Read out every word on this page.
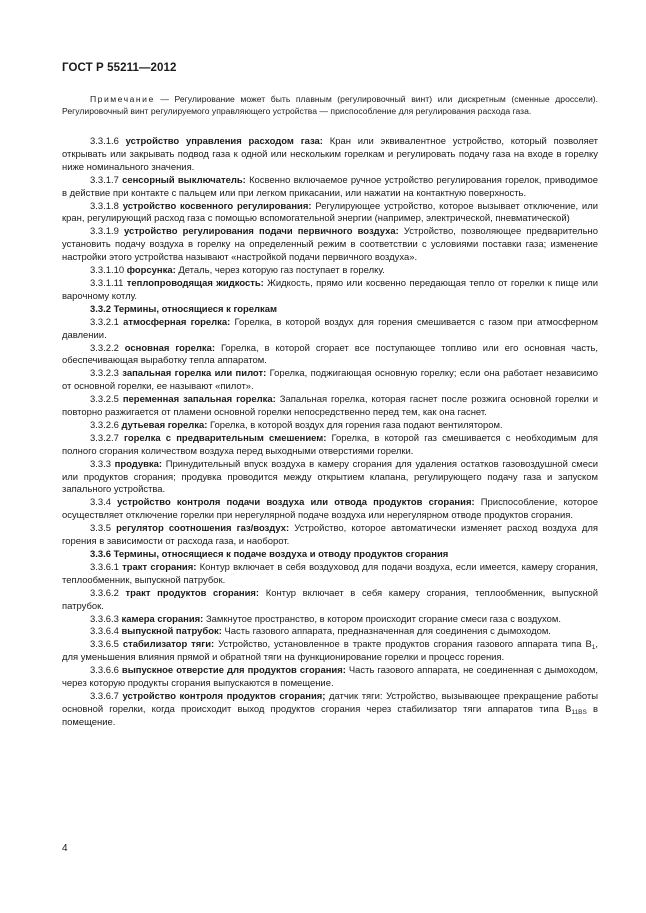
ГОСТ Р 55211—2012
Примечание — Регулирование может быть плавным (регулировочный винт) или дискретным (сменные дроссели). Регулировочный винт регулируемого управляющего устройства — приспособление для регулирования расхода газа.

3.3.1.6 устройство управления расходом газа: Кран или эквивалентное устройство, который позволяет открывать или закрывать подвод газа к одной или нескольким горелкам и регулировать подачу газа на входе в горелку ниже номинального значения.

3.3.1.7 сенсорный выключатель: Косвенно включаемое ручное устройство регулирования горелок, приводимое в действие при контакте с пальцем или при легком прикасании, или нажатии на контактную поверхность.

3.3.1.8 устройство косвенного регулирования: Регулирующее устройство, которое вызывает отключение, или кран, регулирующий расход газа с помощью вспомогательной энергии (например, электрической, пневматической)

3.3.1.9 устройство регулирования подачи первичного воздуха: Устройство, позволяющее предварительно установить подачу воздуха в горелку на определенный режим в соответствии с условиями поставки газа; изменение настройки этого устройства называют «настройкой подачи первичного воздуха».

3.3.1.10 форсунка: Деталь, через которую газ поступает в горелку.

3.3.1.11 теплопроводящая жидкость: Жидкость, прямо или косвенно передающая тепло от горелки к пище или варочному котлу.

3.3.2 Термины, относящиеся к горелкам

3.3.2.1 атмосферная горелка: Горелка, в которой воздух для горения смешивается с газом при атмосферном давлении.

3.3.2.2 основная горелка: Горелка, в которой сгорает все поступающее топливо или его основная часть, обеспечивающая выработку тепла аппаратом.

3.3.2.3 запальная горелка или пилот: Горелка, поджигающая основную горелку; если она работает независимо от основной горелки, ее называют «пилот».

3.3.2.5 переменная запальная горелка: Запальная горелка, которая гаснет после розжига основной горелки и повторно разжигается от пламени основной горелки непосредственно перед тем, как она гаснет.

3.3.2.6 дутьевая горелка: Горелка, в которой воздух для горения газа подают вентилятором.

3.3.2.7 горелка с предварительным смешением: Горелка, в которой газ смешивается с необходимым для полного сгорания количеством воздуха перед выходными отверстиями горелки.

3.3.3 продувка: Принудительный впуск воздуха в камеру сгорания для удаления остатков газовоздушной смеси или продуктов сгорания; продувка проводится между открытием клапана, регулирующего подачу газа и запуском запального устройства.

3.3.4 устройство контроля подачи воздуха или отвода продуктов сгорания: Приспособление, которое осуществляет отключение горелки при нерегулярной подаче воздуха или нерегулярном отводе продуктов сгорания.

3.3.5 регулятор соотношения газ/воздух: Устройство, которое автоматически изменяет расход воздуха для горения в зависимости от расхода газа, и наоборот.

3.3.6 Термины, относящиеся к подаче воздуха и отводу продуктов сгорания

3.3.6.1 тракт сгорания: Контур включает в себя воздуховод для подачи воздуха, если имеется, камеру сгорания, теплообменник, выпускной патрубок.

3.3.6.2 тракт продуктов сгорания: Контур включает в себя камеру сгорания, теплообменник, выпускной патрубок.

3.3.6.3 камера сгорания: Замкнутое пространство, в котором происходит сгорание смеси газа с воздухом.

3.3.6.4 выпускной патрубок: Часть газового аппарата, предназначенная для соединения с дымоходом.

3.3.6.5 стабилизатор тяги: Устройство, установленное в тракте продуктов сгорания газового аппарата типа $В_1$, для уменьшения влияния прямой и обратной тяги на функционирование горелки и процесс горения.

3.3.6.6 выпускное отверстие для продуктов сгорания: Часть газового аппарата, не соединенная с дымоходом, через которую продукты сгорания выпускаются в помещение.

3.3.6.7 устройство контроля продуктов сгорания; датчик тяги: Устройство, вызывающее прекращение работы основной горелки, когда происходит выход продуктов сгорания через стабилизатор тяги аппаратов типа $В_{11BS}$ в помещение.

4
